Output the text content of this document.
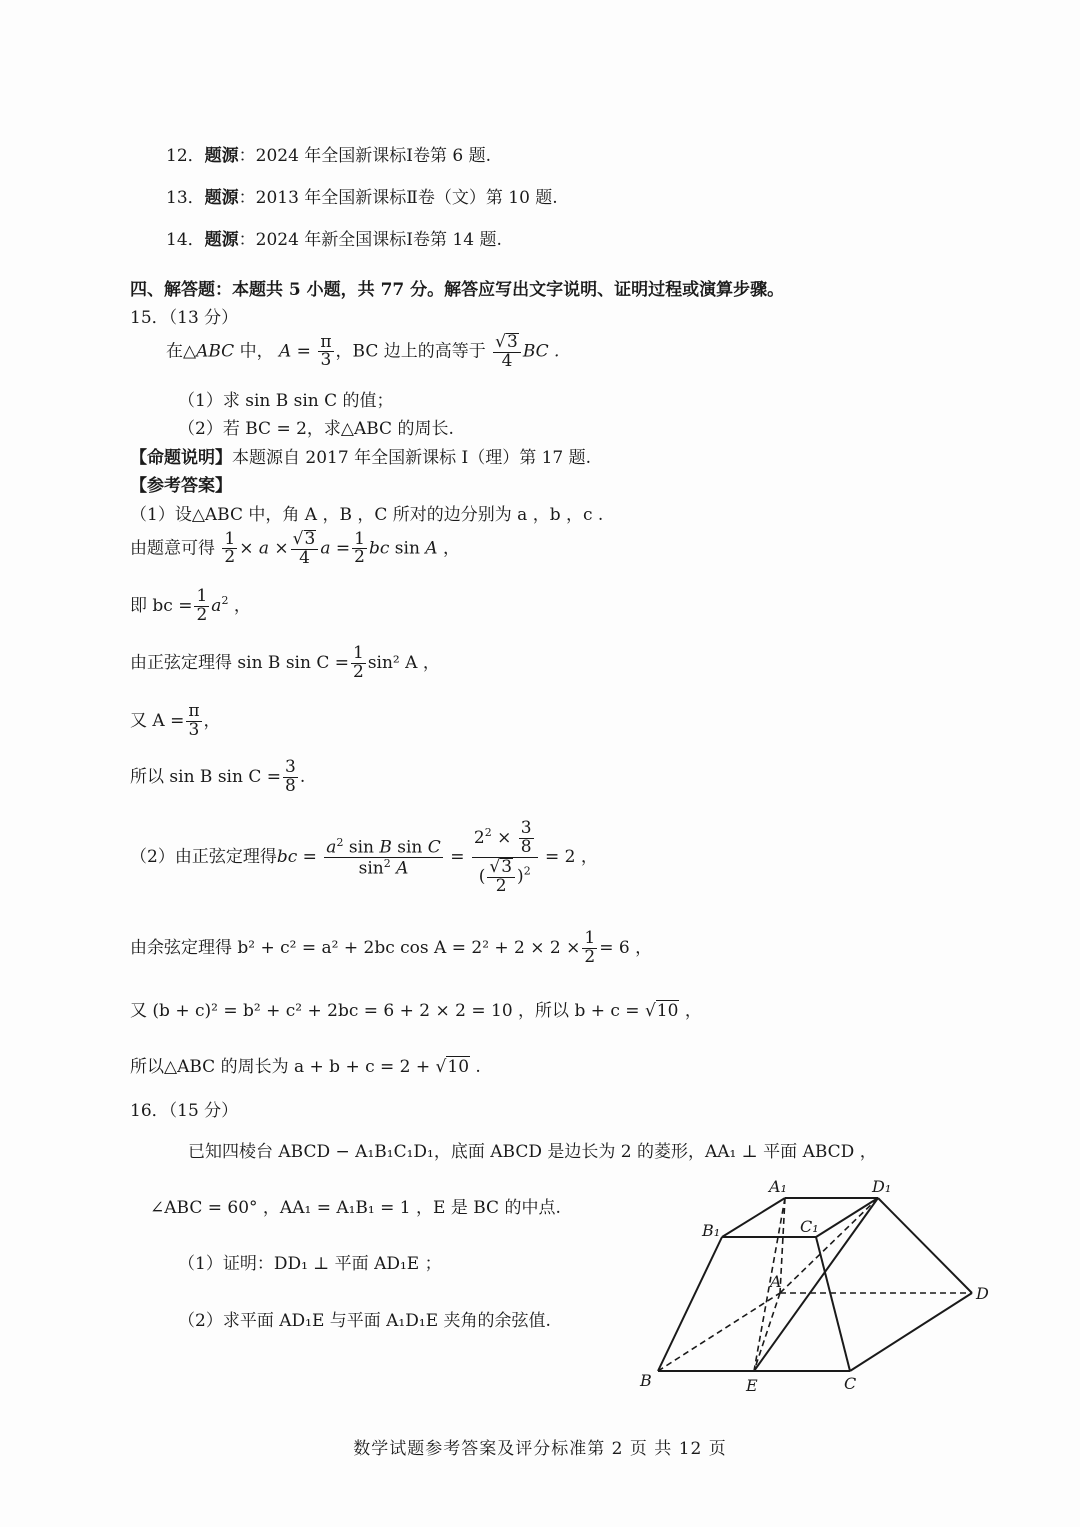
12．题源：2024 年全国新课标Ⅰ卷第 6 题.
13．题源：2013 年全国新课标Ⅱ卷（文）第 10 题.
14．题源：2024 年新全国课标Ⅰ卷第 14 题.
四、解答题：本题共 5 小题，共 77 分。解答应写出文字说明、证明过程或演算步骤。
15．（13 分）
在△ABC 中， $A = \frac{\pi}{3}$ ，BC 边上的高等于 $\frac{√3}{4}$ BC .
（1）求 sin B sin C 的值；
（2）若 BC = 2，求△ABC 的周长.
【命题说明】本题源自 2017 年全国新课标 Ⅰ（理）第 17 题.
【参考答案】
（1）设△ABC 中，角 A ，B ，C 所对的边分别为 a ，b ，c .
由题意可得 $\frac{1}{2} \times a \times \frac{√3}{4}$ $a = \frac{1}{2}$ bc sin A ，
即 bc = $\frac{1}{2} a^2$ ，
由正弦定理得 sin B $\sin C = \frac{1}{2} \sin^2$ A ，
又 $A = \frac{\pi}{3}$ ，
所以 sin B $\sin C = \frac{3}{8}$ .
（2）由正弦定理得bc = $\frac{a^2 \sin B \sin C}{\sin^2 A} = \frac{2^2 \times \frac{3}{8}}{( \frac{√3}{2} )^2} = 2$ ，
由余弦定理得 b² + c² = a² + 2bc $\cos A = 2^2 + 2 \times 2 \times \frac{1}{2} = 6$ ，
又 (b + c)² = b² + c² + 2bc = 6 + 2 × 2 = 10 ，所以 b + c = √10 ，
所以△ABC 的周长为 a + b + c = 2 + √10 .
16．（15 分）
已知四棱台 ABCD − A₁B₁C₁D₁，底面 ABCD 是边长为 2 的菱形，AA₁ ⊥ 平面 ABCD ，
∠ABC = 60° ，AA₁ = A₁B₁ = 1 ，E 是 BC 的中点.
（1）证明：DD₁ ⊥ 平面 AD₁E ；
（2）求平面 AD₁E 与平面 A₁D₁E 夹角的余弦值.
A₁	D₁
B₁	C₁
A
D
B	E	C
数学试题参考答案及评分标准第 2 页 共 12 页
